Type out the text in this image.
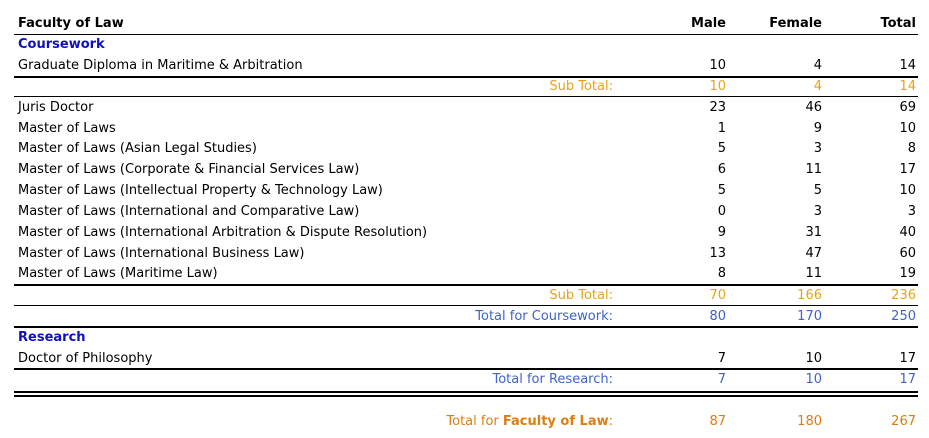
Faculty of Law	Male	Female	Total
Coursework
Graduate Diploma in Maritime & Arbitration	10	4	14
Sub Total:	10	4	14
Juris Doctor	23	46	69
Master of Laws	1	9	10
Master of Laws (Asian Legal Studies)	5	3	8
Master of Laws (Corporate & Financial Services Law)	6	11	17
Master of Laws (Intellectual Property & Technology Law)	5	5	10
Master of Laws (International and Comparative Law)	0	3	3
Master of Laws (International Arbitration & Dispute Resolution)	9	31	40
Master of Laws (International Business Law)	13	47	60
Master of Laws (Maritime Law)	8	11	19
Sub Total:	70	166	236
Total for Coursework:	80	170	250
Research
Doctor of Philosophy	7	10	17
Total for Research:	7	10	17
Total for Faculty of Law:	87	180	267
